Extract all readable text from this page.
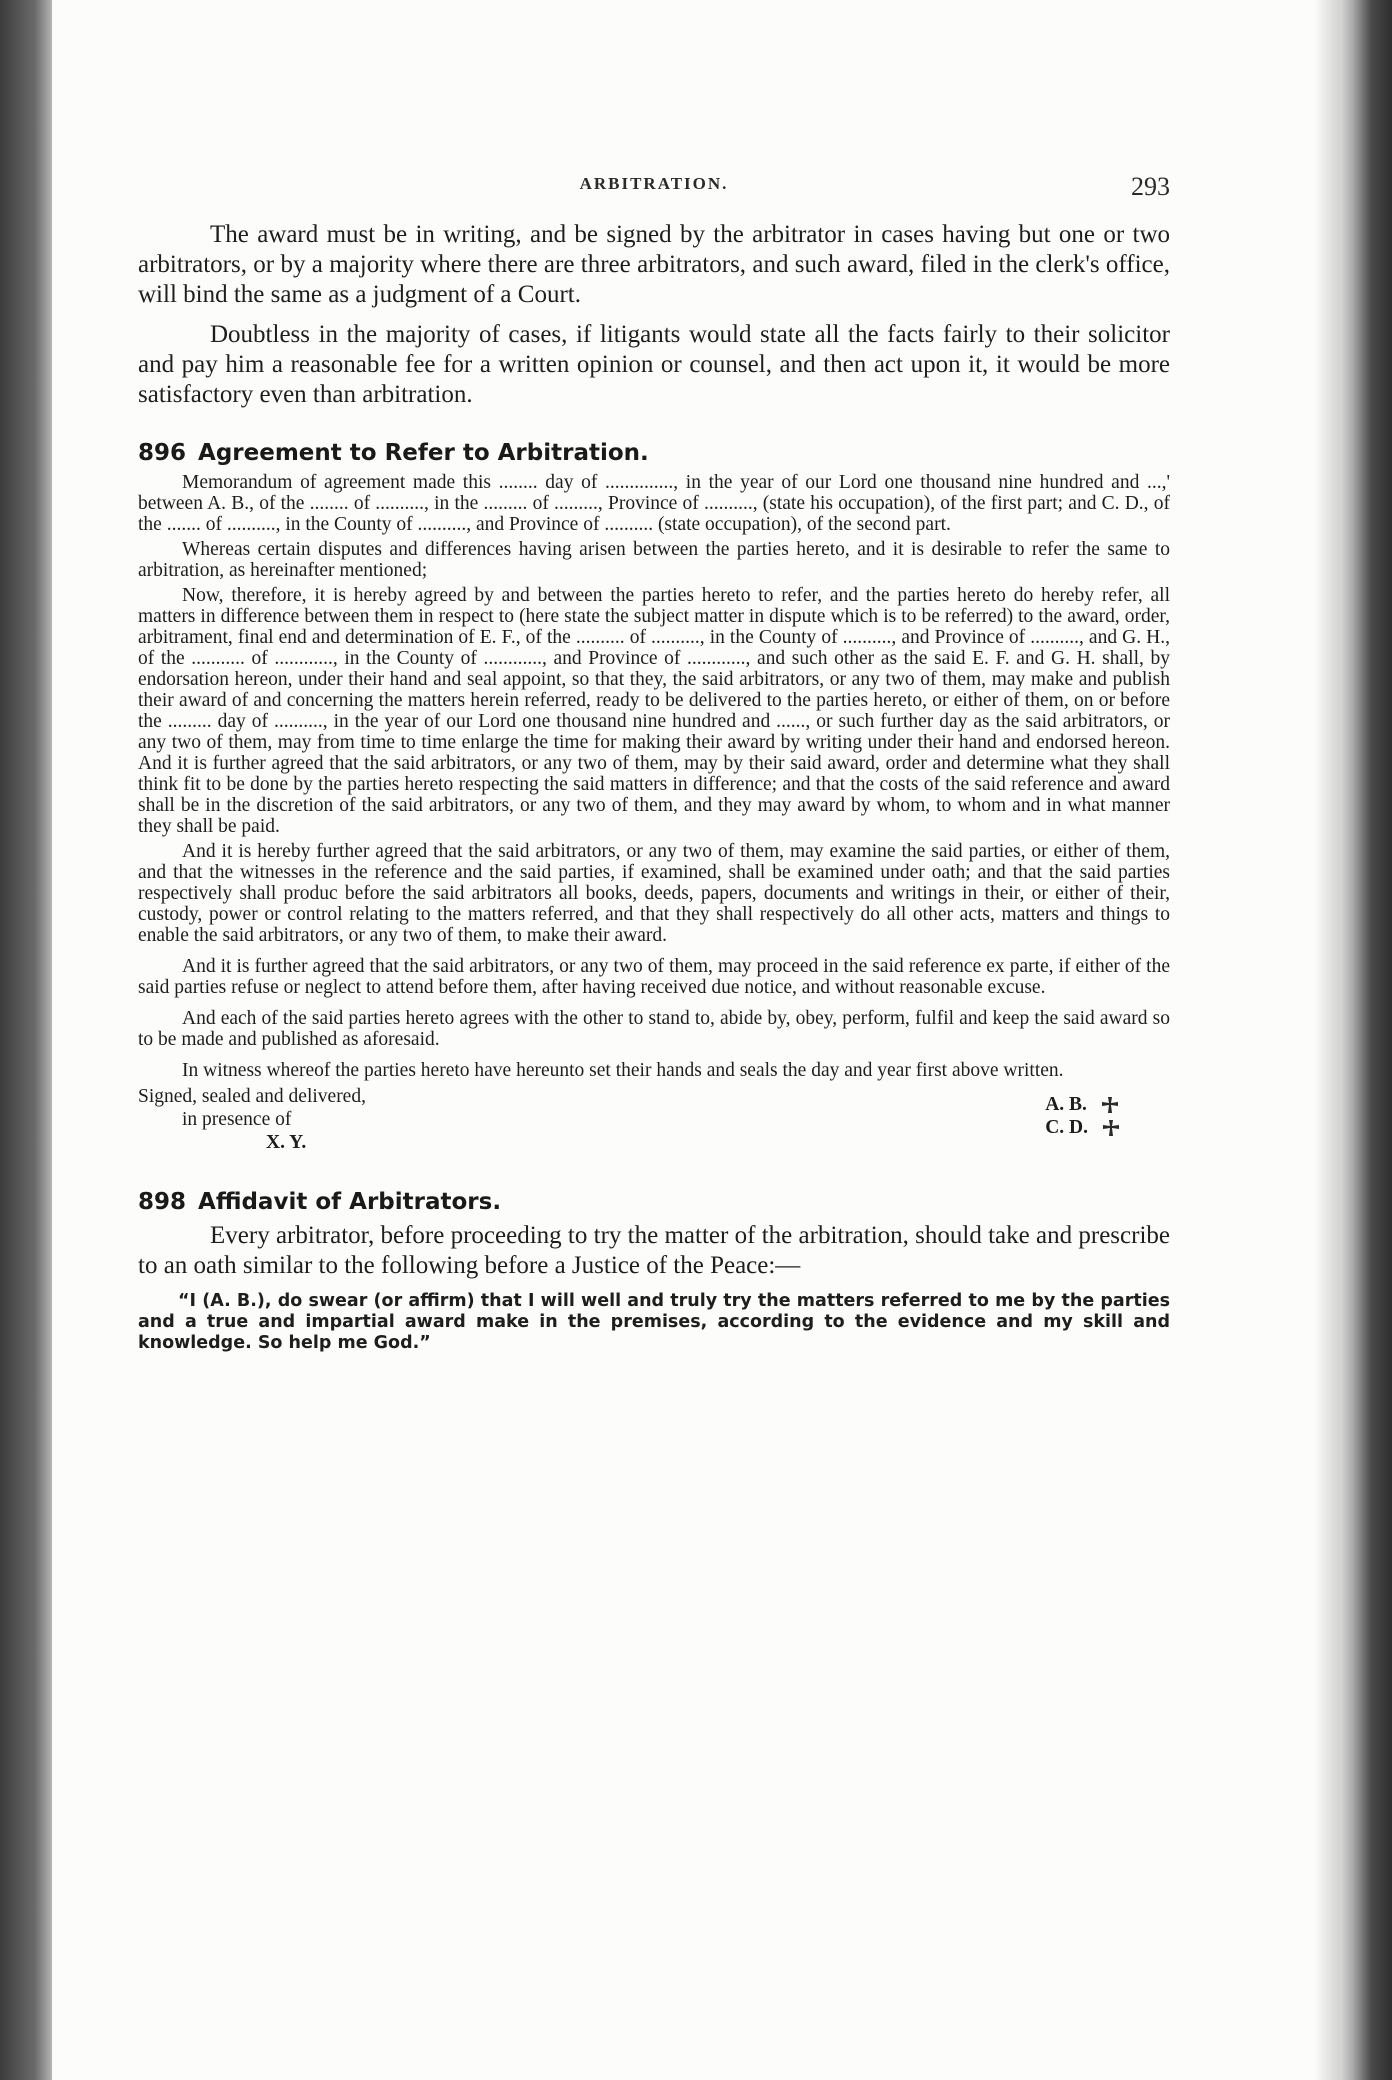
ARBITRATION.	293

The award must be in writing, and be signed by the arbitrator in cases having but one or two arbitrators, or by a majority where there are three arbitrators, and such award, filed in the clerk's office, will bind the same as a judgment of a Court.

Doubtless in the majority of cases, if litigants would state all the facts fairly to their solicitor and pay him a reasonable fee for a written opinion or counsel, and then act upon it, it would be more satisfactory even than arbitration.

896 Agreement to Refer to Arbitration.

Memorandum of agreement made this ........ day of .............., in the year of our Lord one thousand nine hundred and ...,' between A. B., of the ........ of .........., in the ......... of ........., Province of .........., (state his occupation), of the first part; and C. D., of the ....... of .........., in the County of .........., and Province of .......... (state occupation), of the second part.

Whereas certain disputes and differences having arisen between the parties hereto, and it is desirable to refer the same to arbitration, as hereinafter mentioned;

Now, therefore, it is hereby agreed by and between the parties hereto to refer, and the parties hereto do hereby refer, all matters in difference between them in respect to (here state the subject matter in dispute which is to be referred) to the award, order, arbitrament, final end and determination of E. F., of the .......... of .........., in the County of .........., and Province of .........., and G. H., of the ........... of ............, in the County of ............, and Province of ............, and such other as the said E. F. and G. H. shall, by endorsation hereon, under their hand and seal appoint, so that they, the said arbitrators, or any two of them, may make and publish their award of and concerning the matters herein referred, ready to be delivered to the parties hereto, or either of them, on or before the ......... day of .........., in the year of our Lord one thousand nine hundred and ......, or such further day as the said arbitrators, or any two of them, may from time to time enlarge the time for making their award by writing under their hand and endorsed hereon. And it is further agreed that the said arbitrators, or any two of them, may by their said award, order and determine what they shall think fit to be done by the parties hereto respecting the said matters in difference; and that the costs of the said reference and award shall be in the discretion of the said arbitrators, or any two of them, and they may award by whom, to whom and in what manner they shall be paid.

And it is hereby further agreed that the said arbitrators, or any two of them, may examine the said parties, or either of them, and that the witnesses in the reference and the said parties, if examined, shall be examined under oath; and that the said parties respectively shall produc before the said arbitrators all books, deeds, papers, documents and writings in their, or either of their, custody, power or control relating to the matters referred, and that they shall respectively do all other acts, matters and things to enable the said arbitrators, or any two of them, to make their award.

And it is further agreed that the said arbitrators, or any two of them, may proceed in the said reference ex parte, if either of the said parties refuse or neglect to attend before them, after having received due notice, and without reasonable excuse.

And each of the said parties hereto agrees with the other to stand to, abide by, obey, perform, fulfil and keep the said award so to be made and published as aforesaid.

In witness whereof the parties hereto have hereunto set their hands and seals the day and year first above written.

Signed, sealed and delivered,
in presence of
X. Y.
A. B.
C. D.
898 Affidavit of Arbitrators.

Every arbitrator, before proceeding to try the matter of the arbitration, should take and prescribe to an oath similar to the following before a Justice of the Peace:—

“I (A. B.), do swear (or affirm) that I will well and truly try the matters referred to me by the parties and a true and impartial award make in the premises, according to the evidence and my skill and knowledge. So help me God.”
